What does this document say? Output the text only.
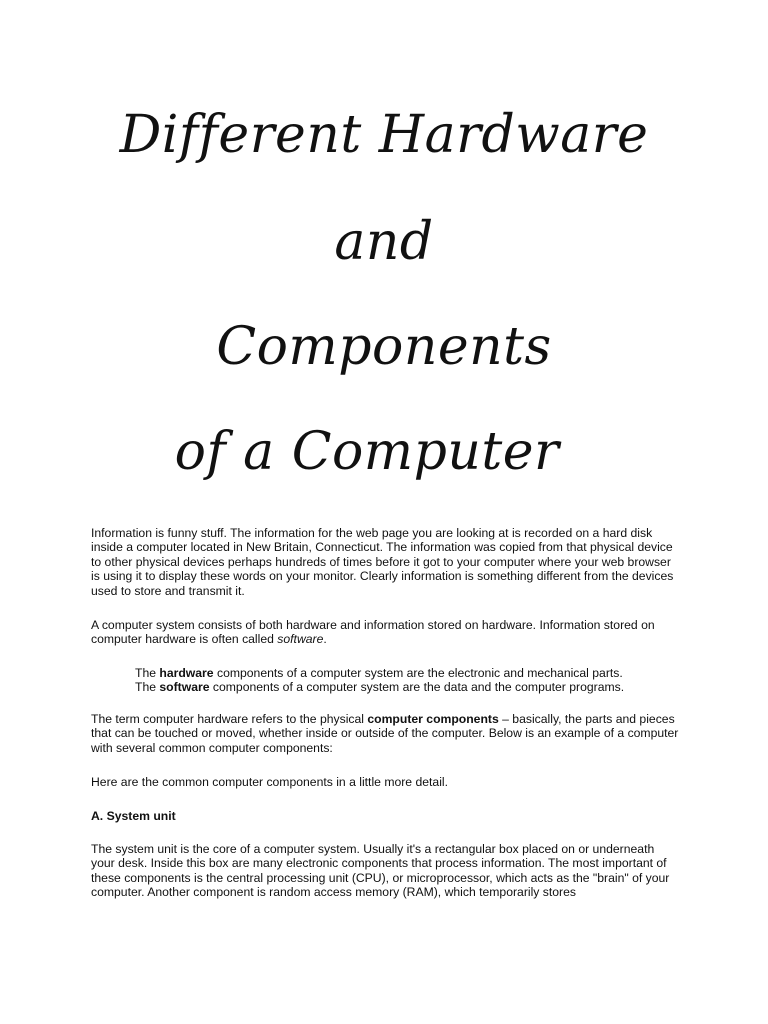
Different Hardware
and
Components
of a Computer

Information is funny stuff. The information for the web page you are looking at is recorded on a hard disk inside a computer located in New Britain, Connecticut. The information was copied from that physical device to other physical devices perhaps hundreds of times before it got to your computer where your web browser is using it to display these words on your monitor. Clearly information is something different from the devices used to store and transmit it.

A computer system consists of both hardware and information stored on hardware. Information stored on computer hardware is often called software.

The hardware components of a computer system are the electronic and mechanical parts.

The software components of a computer system are the data and the computer programs.

The term computer hardware refers to the physical computer components – basically, the parts and pieces that can be touched or moved, whether inside or outside of the computer. Below is an example of a computer with several common computer components:

Here are the common computer components in a little more detail.

A. System unit

The system unit is the core of a computer system. Usually it's a rectangular box placed on or underneath your desk. Inside this box are many electronic components that process information. The most important of these components is the central processing unit (CPU), or microprocessor, which acts as the "brain" of your computer. Another component is random access memory (RAM), which temporarily stores
